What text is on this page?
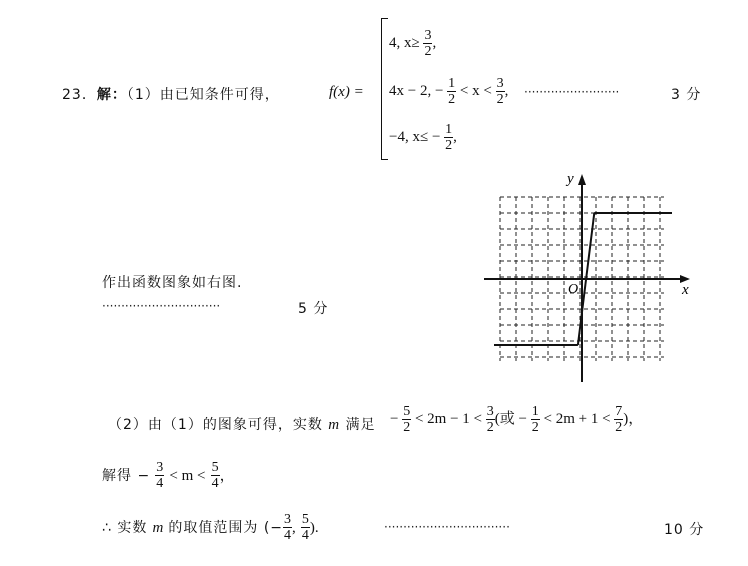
23．解：（1）由已知条件可得，	f(x) =
4, $x\ge \frac{3}{2}$ ,
4x − 2, − $\frac{1}{2} < x < \frac{3}{2}$ , ·························	3 分
−4, $x\le - \frac{1}{2}$ ,
作出函数图象如右图.
·······························	5 分
y
x
O
（2）由（1）的图象可得，实数 m 满足 − $\frac{5}{2} < 2m - 1 < \frac{3}{2}$ (或 − $\frac{1}{2} < 2m + 1 < \frac{7}{2}$ )，
解得 − $\frac{3}{4} < m < \frac{5}{4}$ ，
∴ 实数 m 的取值范围为 (− $\frac{3}{4}$ , $\frac{5}{4}$ ).	·································	10 分
